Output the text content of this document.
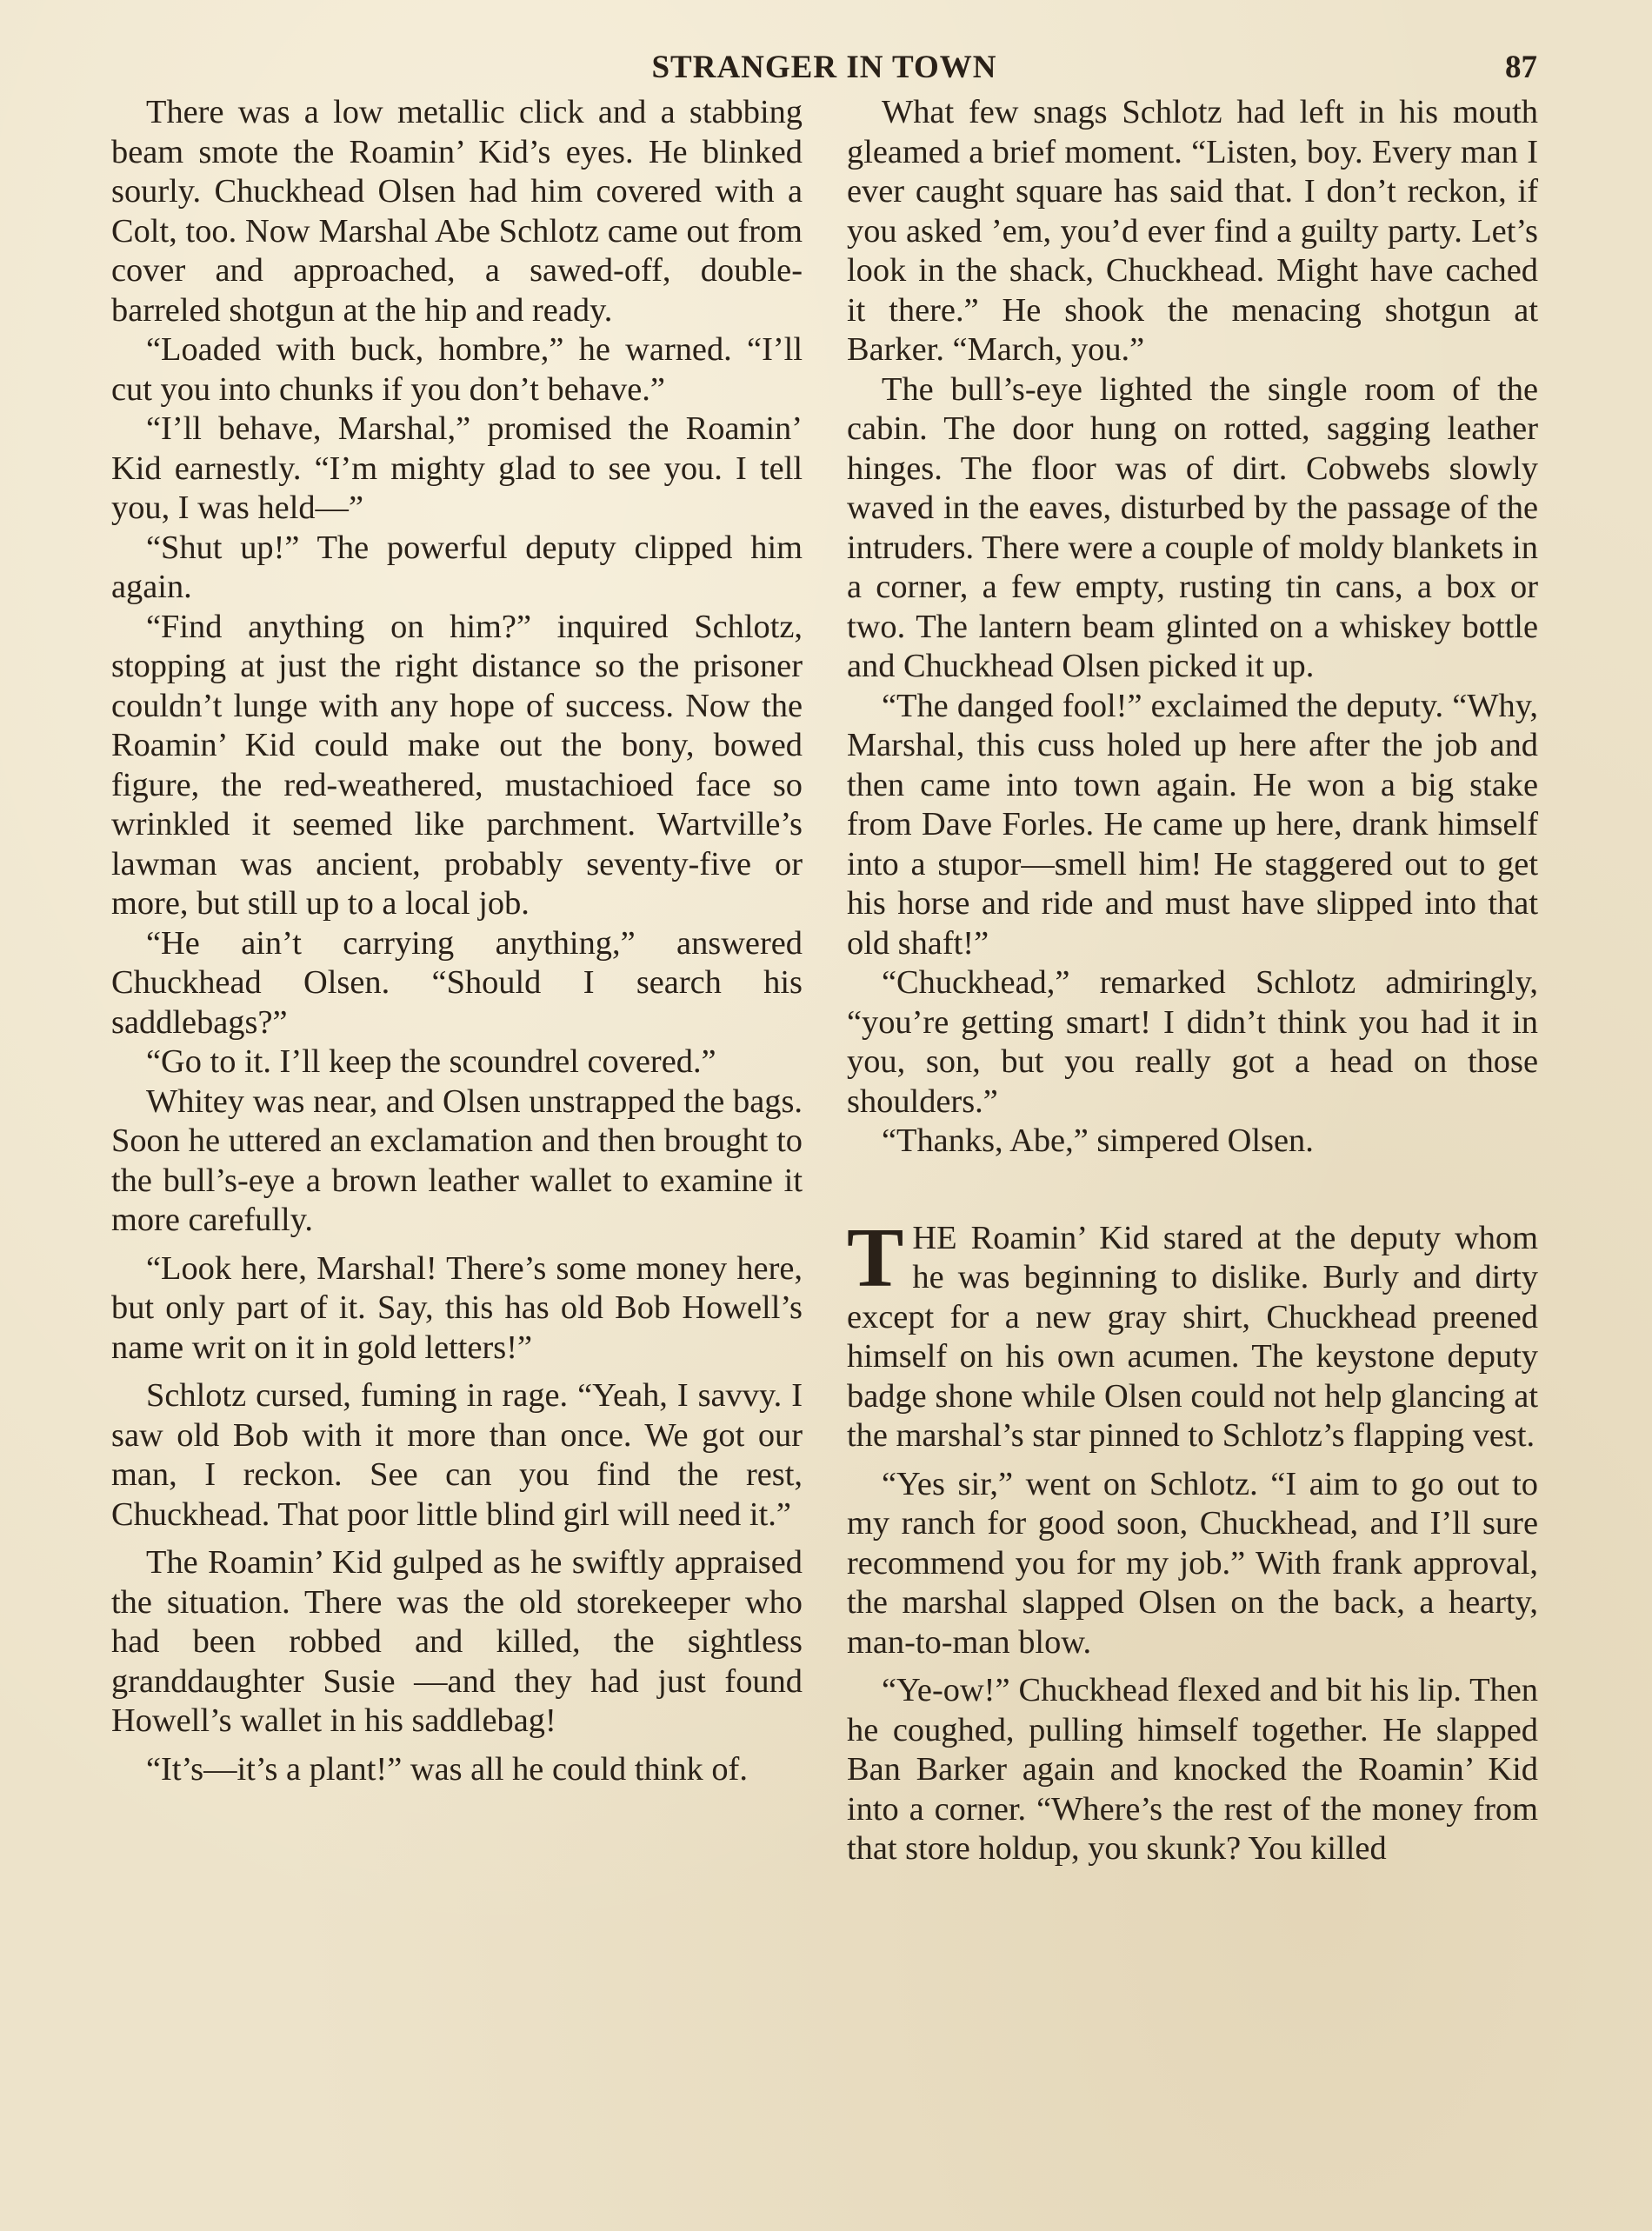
STRANGER IN TOWN	87

There was a low metallic click and a stabbing beam smote the Roamin’ Kid’s eyes. He blinked sourly. Chuckhead Olsen had him covered with a Colt, too. Now Marshal Abe Schlotz came out from cover and approached, a sawed-off, double-barreled shotgun at the hip and ready.

“Loaded with buck, hombre,” he warned. “I’ll cut you into chunks if you don’t behave.”

“I’ll behave, Marshal,” promised the Roamin’ Kid earnestly. “I’m mighty glad to see you. I tell you, I was held—”

“Shut up!” The powerful deputy clipped him again.

“Find anything on him?” inquired Schlotz, stopping at just the right distance so the prisoner couldn’t lunge with any hope of success. Now the Roamin’ Kid could make out the bony, bowed figure, the red-weathered, mustachioed face so wrinkled it seemed like parchment. Wartville’s lawman was ancient, probably seventy-five or more, but still up to a local job.

“He ain’t carrying anything,” answered Chuckhead Olsen. “Should I search his saddlebags?”

“Go to it. I’ll keep the scoundrel covered.”

Whitey was near, and Olsen unstrapped the bags. Soon he uttered an exclamation and then brought to the bull’s-eye a brown leather wallet to examine it more carefully.

“Look here, Marshal! There’s some money here, but only part of it. Say, this has old Bob Howell’s name writ on it in gold letters!”

Schlotz cursed, fuming in rage. “Yeah, I savvy. I saw old Bob with it more than once. We got our man, I reckon. See can you find the rest, Chuckhead. That poor little blind girl will need it.”

The Roamin’ Kid gulped as he swiftly appraised the situation. There was the old storekeeper who had been robbed and killed, the sightless granddaughter Susie —and they had just found Howell’s wallet in his saddlebag!

“It’s—it’s a plant!” was all he could think of.

What few snags Schlotz had left in his mouth gleamed a brief moment. “Listen, boy. Every man I ever caught square has said that. I don’t reckon, if you asked ’em, you’d ever find a guilty party. Let’s look in the shack, Chuckhead. Might have cached it there.” He shook the menacing shotgun at Barker. “March, you.”

The bull’s-eye lighted the single room of the cabin. The door hung on rotted, sagging leather hinges. The floor was of dirt. Cobwebs slowly waved in the eaves, disturbed by the passage of the intruders. There were a couple of moldy blankets in a corner, a few empty, rusting tin cans, a box or two. The lantern beam glinted on a whiskey bottle and Chuckhead Olsen picked it up.

“The danged fool!” exclaimed the deputy. “Why, Marshal, this cuss holed up here after the job and then came into town again. He won a big stake from Dave Forles. He came up here, drank himself into a stupor—smell him! He staggered out to get his horse and ride and must have slipped into that old shaft!”

“Chuckhead,” remarked Schlotz admiringly, “you’re getting smart! I didn’t think you had it in you, son, but you really got a head on those shoulders.”

“Thanks, Abe,” simpered Olsen.

THE Roamin’ Kid stared at the deputy whom he was beginning to dislike. Burly and dirty except for a new gray shirt, Chuckhead preened himself on his own acumen. The keystone deputy badge shone while Olsen could not help glancing at the marshal’s star pinned to Schlotz’s flapping vest.

“Yes sir,” went on Schlotz. “I aim to go out to my ranch for good soon, Chuckhead, and I’ll sure recommend you for my job.” With frank approval, the marshal slapped Olsen on the back, a hearty, man-to-man blow.

“Ye-ow!” Chuckhead flexed and bit his lip. Then he coughed, pulling himself together. He slapped Ban Barker again and knocked the Roamin’ Kid into a corner. “Where’s the rest of the money from that store holdup, you skunk? You killed
